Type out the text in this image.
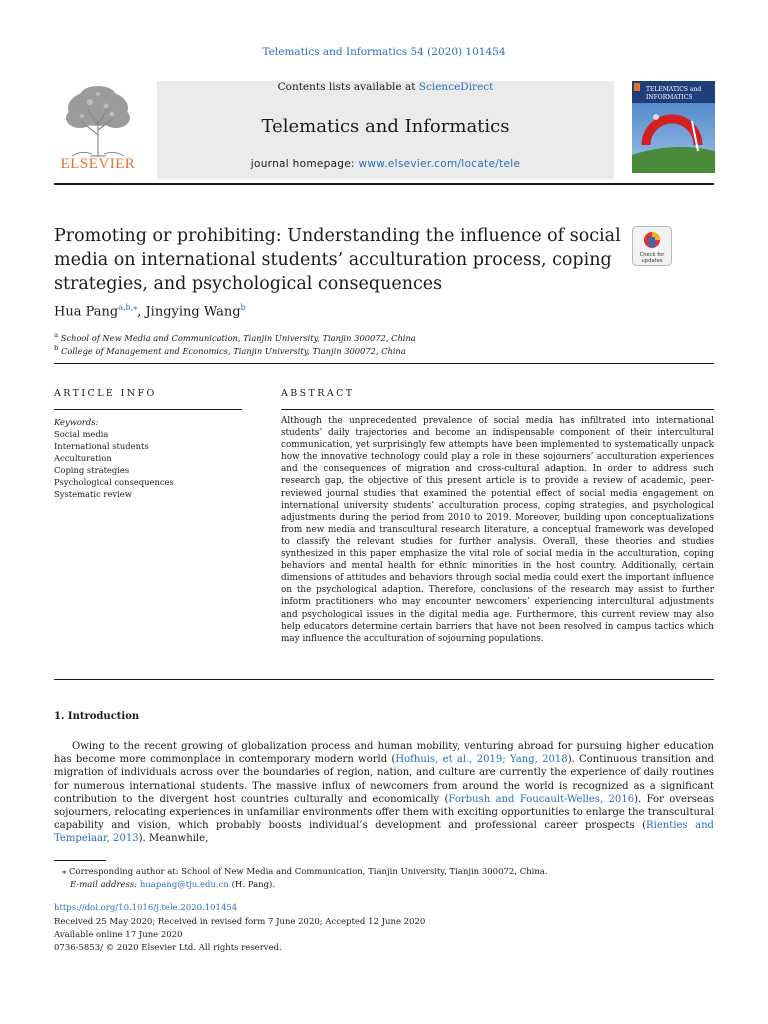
Telematics and Informatics 54 (2020) 101454
ELSEVIER
Contents lists available at ScienceDirect
Telematics and Informatics
journal homepage: www.elsevier.com/locate/tele
TELEMATICS and
INFORMATICS
Promoting or prohibiting: Understanding the influence of social media on international students’ acculturation process, coping strategies, and psychological consequences
Check for
updates
Hua Pang$^{a,b,⁎}$, Jingying Wang$^b$
$^a$ School of New Media and Communication, Tianjin University, Tianjin 300072, China
$^b$ College of Management and Economics, Tianjin University, Tianjin 300072, China
ARTICLE INFO
Keywords:
Social media
International students
Acculturation
Coping strategies
Psychological consequences
Systematic review
ABSTRACT
Although the unprecedented prevalence of social media has infiltrated into international students’ daily trajectories and become an indispensable component of their intercultural communication, yet surprisingly few attempts have been implemented to systematically unpack how the innovative technology could play a role in these sojourners’ acculturation experiences and the consequences of migration and cross-cultural adaption. In order to address such research gap, the objective of this present article is to provide a review of academic, peer-reviewed journal studies that examined the potential effect of social media engagement on international university students’ acculturation process, coping strategies, and psychological adjustments during the period from 2010 to 2019. Moreover, building upon conceptualizations from new media and transcultural research literature, a conceptual framework was developed to classify the relevant studies for further analysis. Overall, these theories and studies synthesized in this paper emphasize the vital role of social media in the acculturation, coping behaviors and mental health for ethnic minorities in the host country. Additionally, certain dimensions of attitudes and behaviors through social media could exert the important influence on the psychological adaption. Therefore, conclusions of the research may assist to further inform practitioners who may encounter newcomers’ experiencing intercultural adjustments and psychological issues in the digital media age. Furthermore, this current review may also help educators determine certain barriers that have not been resolved in campus tactics which may influence the acculturation of sojourning populations.
1. Introduction
Owing to the recent growing of globalization process and human mobility, venturing abroad for pursuing higher education has become more commonplace in contemporary modern world (Hofhuis, et al., 2019; Yang, 2018). Continuous transition and migration of individuals across over the boundaries of region, nation, and culture are currently the experience of daily routines for numerous international students. The massive influx of newcomers from around the world is recognized as a significant contribution to the divergent host countries culturally and economically (Forbush and Foucault-Welles, 2016). For overseas sojourners, relocating experiences in unfamiliar environments offer them with exciting opportunities to enlarge the transcultural capability and vision, which probably boosts individual’s development and professional career prospects (Rienties and Tempelaar, 2013). Meanwhile,
⁎ Corresponding author at: School of New Media and Communication, Tianjin University, Tianjin 300072, China.
E-mail address: huapang@tju.edu.cn (H. Pang).
https://doi.org/10.1016/j.tele.2020.101454
Received 25 May 2020; Received in revised form 7 June 2020; Accepted 12 June 2020
Available online 17 June 2020
0736-5853/ © 2020 Elsevier Ltd. All rights reserved.
